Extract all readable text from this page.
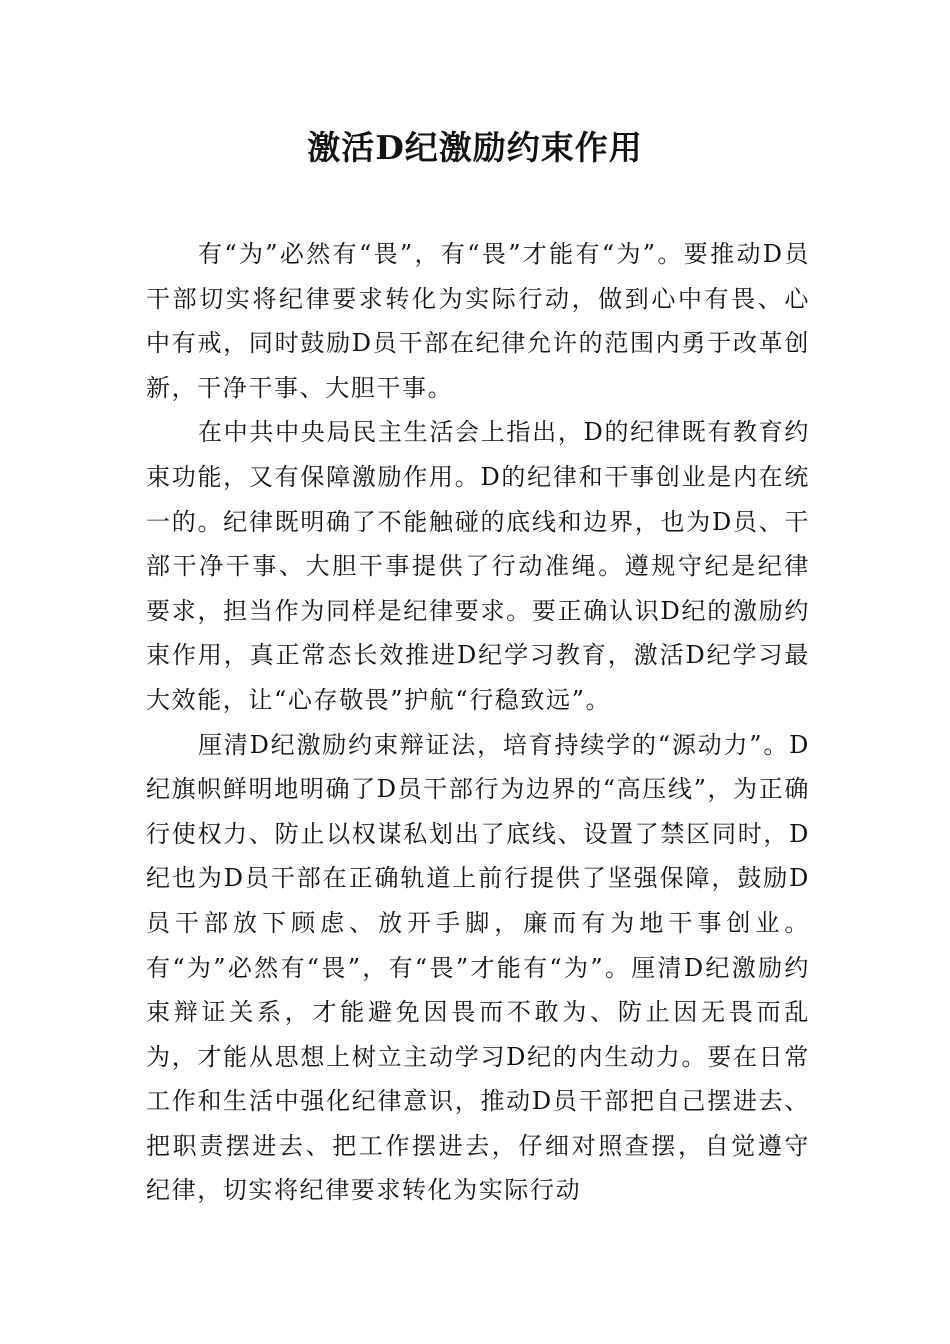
激活D纪激励约束作用

有“为”必然有“畏”，有“畏”才能有“为”。要推动D员干部切实将纪律要求转化为实际行动，做到心中有畏、心中有戒，同时鼓励D员干部在纪律允许的范围内勇于改革创新，干净干事、大胆干事。

在中共中央局民主生活会上指出，D的纪律既有教育约束功能，又有保障激励作用。D的纪律和干事创业是内在统一的。纪律既明确了不能触碰的底线和边界，也为D员、干部干净干事、大胆干事提供了行动准绳。遵规守纪是纪律要求，担当作为同样是纪律要求。要正确认识D纪的激励约束作用，真正常态长效推进D纪学习教育，激活D纪学习最大效能，让“心存敬畏”护航“行稳致远”。

厘清D纪激励约束辩证法，培育持续学的“源动力”。D纪旗帜鲜明地明确了D员干部行为边界的“高压线”，为正确行使权力、防止以权谋私划出了底线、设置了禁区同时，D纪也为D员干部在正确轨道上前行提供了坚强保障，鼓励D员干部放下顾虑、放开手脚，廉而有为地干事创业。有“为”必然有“畏”，有“畏”才能有“为”。厘清D纪激励约束辩证关系，才能避免因畏而不敢为、防止因无畏而乱为，才能从思想上树立主动学习D纪的内生动力。要在日常工作和生活中强化纪律意识，推动D员干部把自己摆进去、把职责摆进去、把工作摆进去，仔细对照查摆，自觉遵守纪律，切实将纪律要求转化为实际行动
